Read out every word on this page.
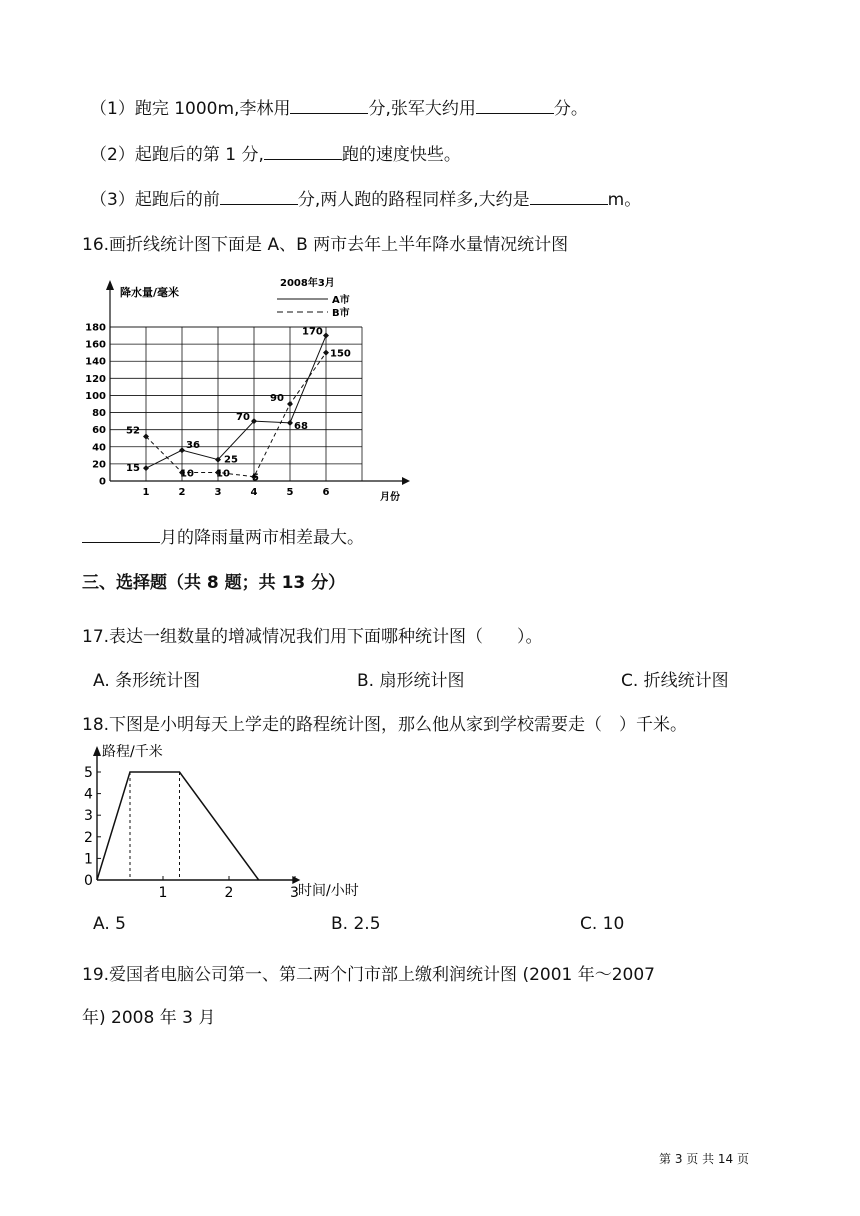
（1）跑完 1000m,李林用	分,张军大约用	分。
（2）起跑后的第 1 分,	跑的速度快些。
（3）起跑后的前	分,两人跑的路程同样多,大约是	m。
16.画折线统计图下面是 A、B 两市去年上半年降水量情况统计图
0
20
40
60
80
100
120
140
160
180
1	2	3	4	5	6
15
36
25
70
68
170
52
10 10 5
90
150
降水量/毫米
月份
2008年3月
A市
B市
月的降雨量两市相差最大。
三、选择题（共 8 题；共 13 分）
17.表达一组数量的增减情况我们用下面哪种统计图（　　）。
A. 条形统计图	B. 扇形统计图	C. 折线统计图
18.下图是小明每天上学走的路程统计图，那么他从家到学校需要走（　）千米。
0
1
2
3
4
5
1	2	3
路程/千米
时间/小时
A. 5	B. 2.5	C. 10
19.爱国者电脑公司第一、第二两个门市部上缴利润统计图 (2001 年～2007
年) 2008 年 3 月
第 3 页 共 14 页
